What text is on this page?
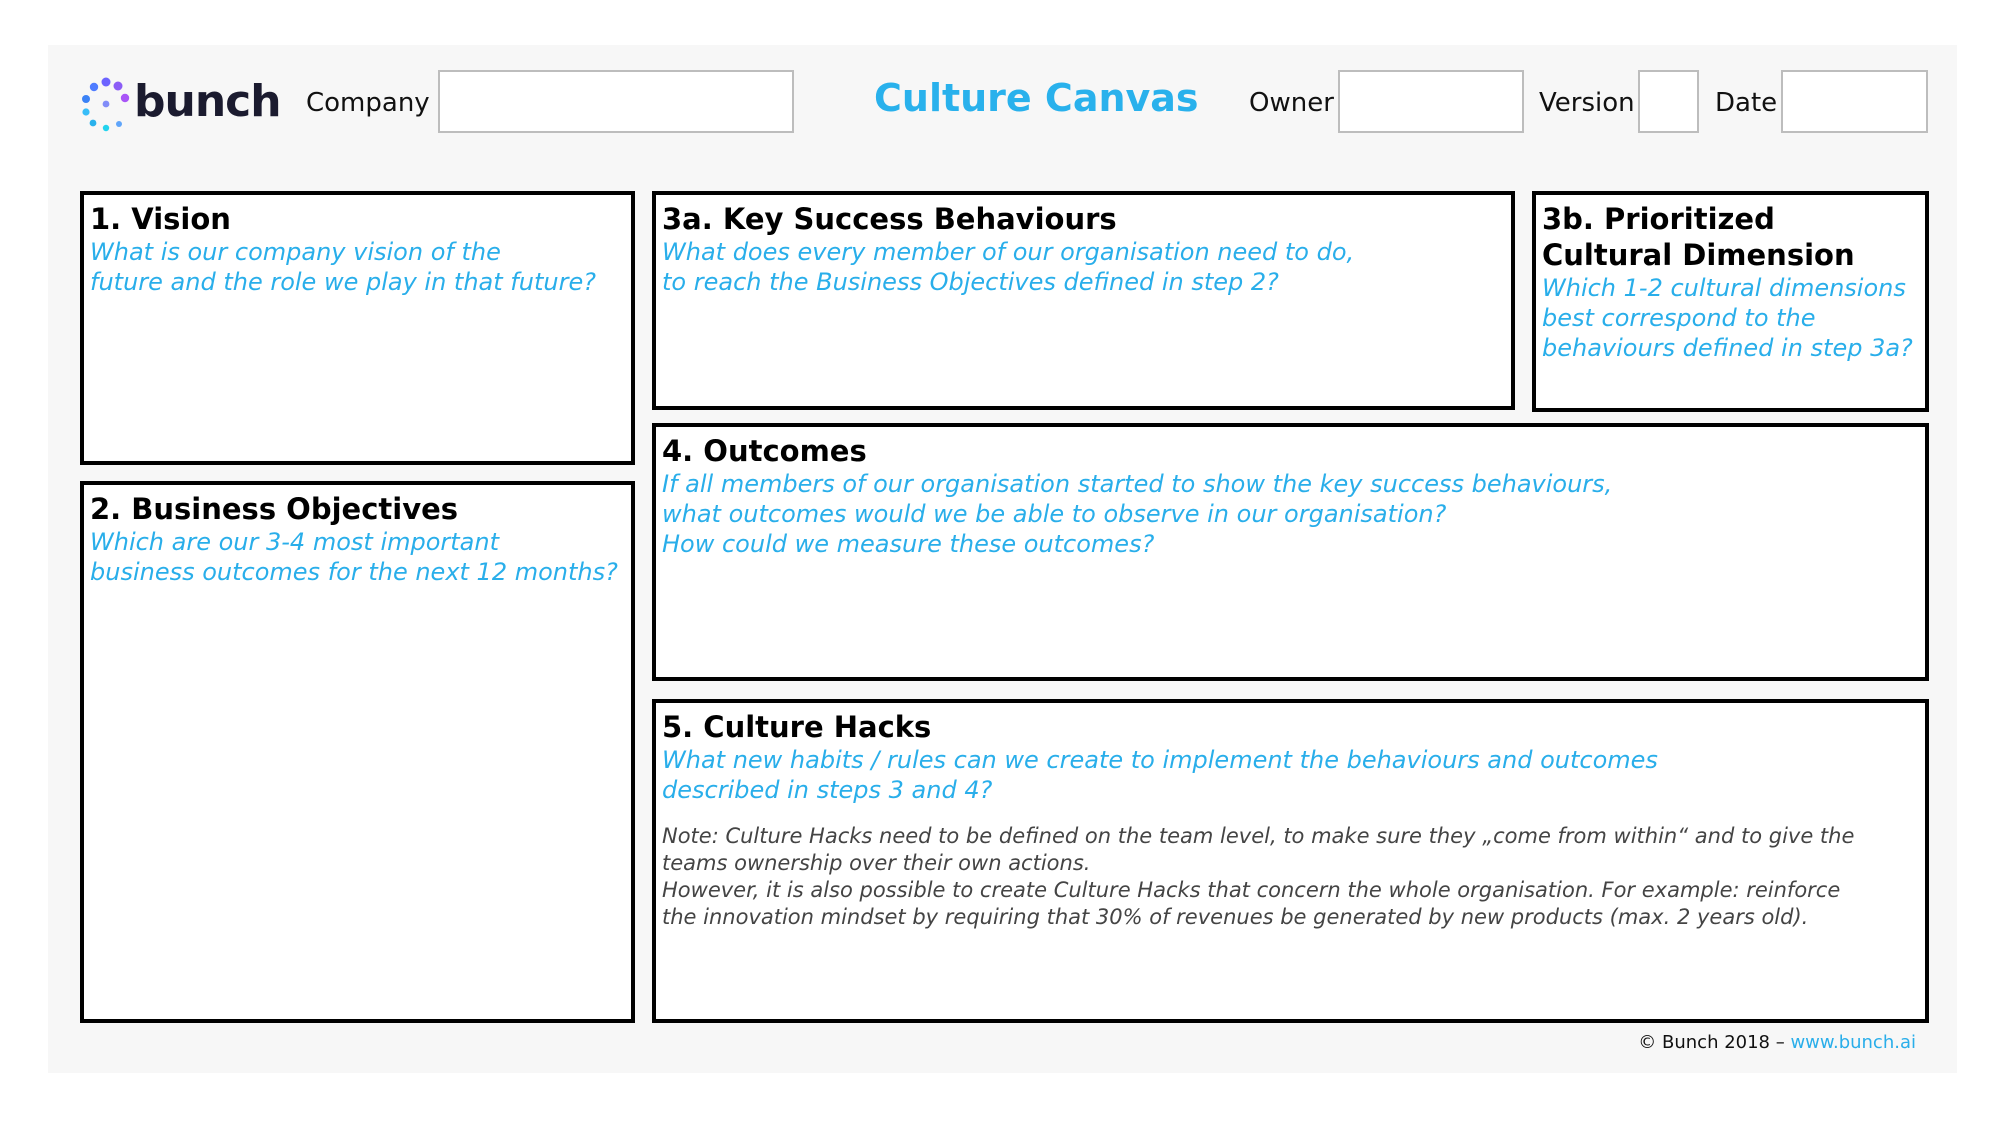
bunch Company	Culture Canvas Owner	Version	Date
1. Vision

What is our company vision of the

future and the role we play in that future?

2. Business Objectives

Which are our 3-4 most important

business outcomes for the next 12 months?

3a. Key Success Behaviours

What does every member of our organisation need to do,

to reach the Business Objectives defined in step 2?

3b. Prioritized
Cultural Dimension

Which 1-2 cultural dimensions

best correspond to the

behaviours defined in step 3a?

4. Outcomes

If all members of our organisation started to show the key success behaviours,

what outcomes would we be able to observe in our organisation?

How could we measure these outcomes?

5. Culture Hacks

What new habits / rules can we create to implement the behaviours and outcomes

described in steps 3 and 4?

Note: Culture Hacks need to be defined on the team level, to make sure they „come from within“ and to give the

teams ownership over their own actions.

However, it is also possible to create Culture Hacks that concern the whole organisation. For example: reinforce

the innovation mindset by requiring that 30% of revenues be generated by new products (max. 2 years old).

© Bunch 2018 – www.bunch.ai
